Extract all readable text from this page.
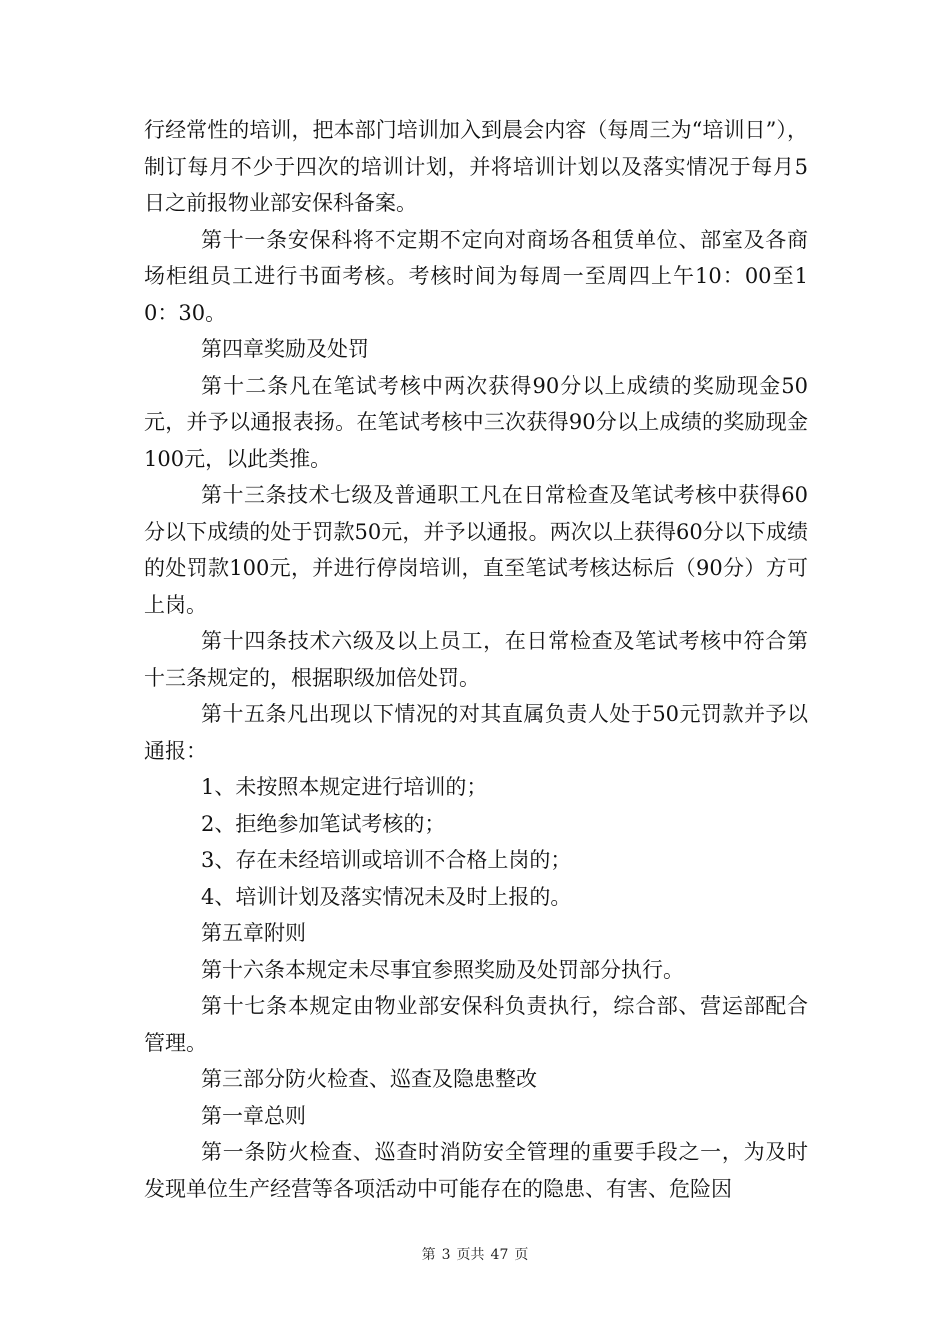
行经常性的培训，把本部门培训加入到晨会内容（每周三为“培训日”），制订每月不少于四次的培训计划，并将培训计划以及落实情况于每月5日之前报物业部安保科备案。

第十一条安保科将不定期不定向对商场各租赁单位、部室及各商场柜组员工进行书面考核。考核时间为每周一至周四上午10：00至10：30。

第四章奖励及处罚

第十二条凡在笔试考核中两次获得90分以上成绩的奖励现金50元，并予以通报表扬。在笔试考核中三次获得90分以上成绩的奖励现金100元，以此类推。

第十三条技术七级及普通职工凡在日常检查及笔试考核中获得60分以下成绩的处于罚款50元，并予以通报。两次以上获得60分以下成绩的处罚款100元，并进行停岗培训，直至笔试考核达标后（90分）方可上岗。

第十四条技术六级及以上员工，在日常检查及笔试考核中符合第十三条规定的，根据职级加倍处罚。

第十五条凡出现以下情况的对其直属负责人处于50元罚款并予以通报：

1、未按照本规定进行培训的；

2、拒绝参加笔试考核的；

3、存在未经培训或培训不合格上岗的；

4、培训计划及落实情况未及时上报的。

第五章附则

第十六条本规定未尽事宜参照奖励及处罚部分执行。

第十七条本规定由物业部安保科负责执行，综合部、营运部配合管理。

第三部分防火检查、巡查及隐患整改

第一章总则

第一条防火检查、巡查时消防安全管理的重要手段之一，为及时发现单位生产经营等各项活动中可能存在的隐患、有害、危险因

第 3 页共 47 页
